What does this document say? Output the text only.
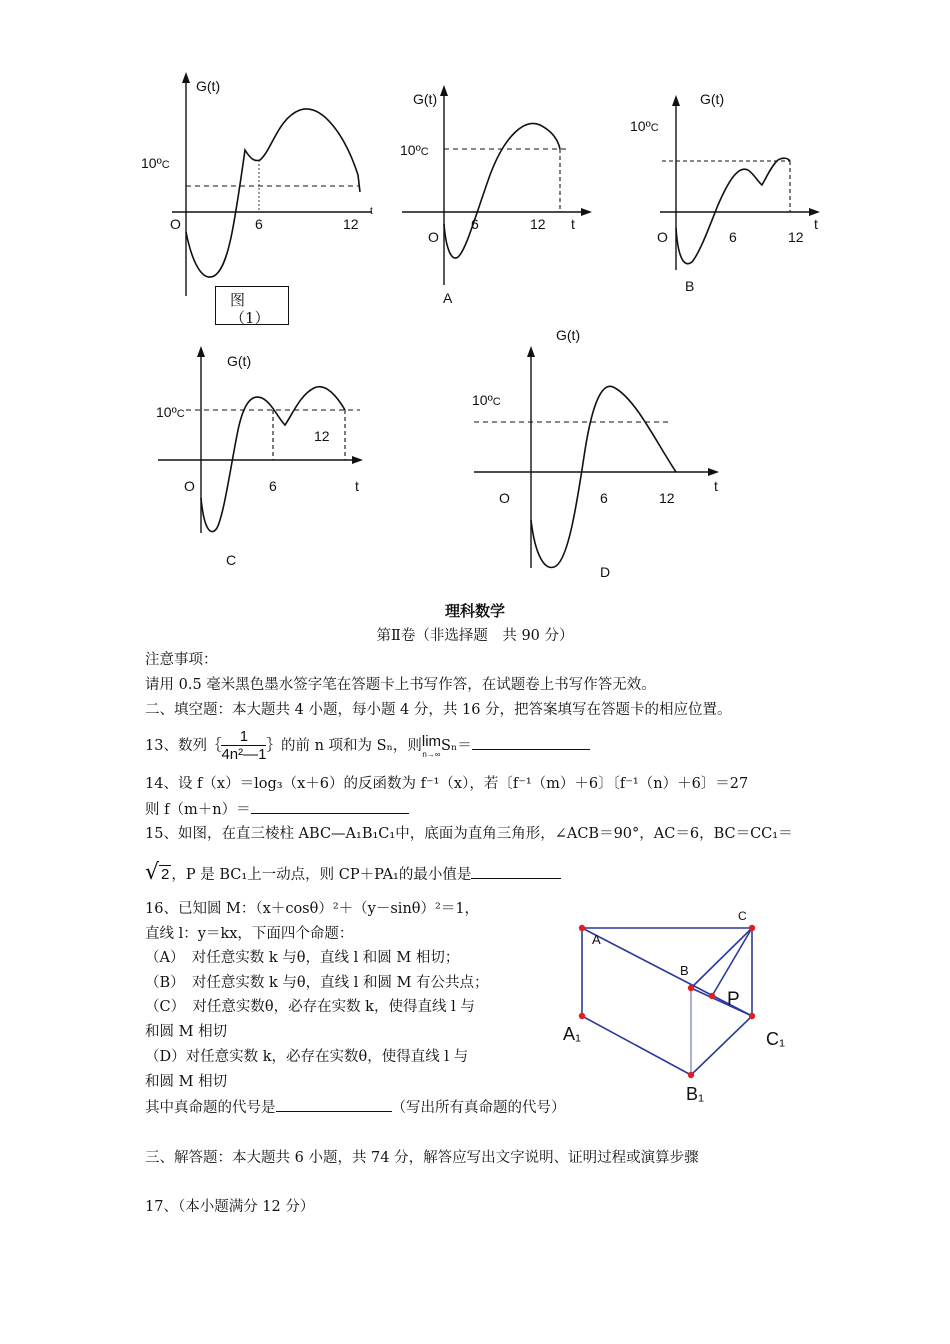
G(t)
10ºC
O	6	12
t
图（1）
G(t)
10ºC
O
6	12 t
A
G(t)
10ºC
O	6	12
t
B
G(t)
10ºC
O	6
12
t
C
G(t)
10ºC
O	6	12
t
D
理科数学
第Ⅱ卷（非选择题　共 90 分）
注意事项：
请用 0.5 毫米黑色墨水签字笔在答题卡上书写作答，在试题卷上书写作答无效。
二、填空题：本大题共 4 小题，每小题 4 分，共 16 分，把答案填写在答题卡的相应位置。
13、数列｛ $\frac{1}{\text{4n²—1}}$ ｝的前 n 项和为 Sₙ，则 lim
n→∞ Sₙ＝
14、设 f（x）＝log₃（x＋6）的反函数为 f⁻¹（x），若〔f⁻¹（m）＋6〕〔f⁻¹（n）＋6〕＝27
则 f（m＋n）＝
15、如图，在直三棱柱 ABC—A₁B₁C₁中，底面为直角三角形，∠ACB＝90°，AC＝6，BC＝CC₁＝
√ 2 ，P 是 BC₁上一动点，则 CP＋PA₁的最小值是
16、已知圆 M：（x＋cosθ）²＋（y－sinθ）²＝1，
直线 l：y＝kx，下面四个命题：
（A）　对任意实数 k 与θ，直线 l 和圆 M 相切；
（B）　对任意实数 k 与θ，直线 l 和圆 M 有公共点；
（C）　对任意实数θ，必存在实数 k，使得直线 l 与
和圆 M 相切
（D）对任意实数 k，必存在实数θ，使得直线 l 与
和圆 M 相切
其中真命题的代号是	（写出所有真命题的代号）
A
B
C
P
A₁	C₁
B₁
三、解答题：本大题共 6 小题，共 74 分，解答应写出文字说明、证明过程或演算步骤
17、（本小题满分 12 分）
